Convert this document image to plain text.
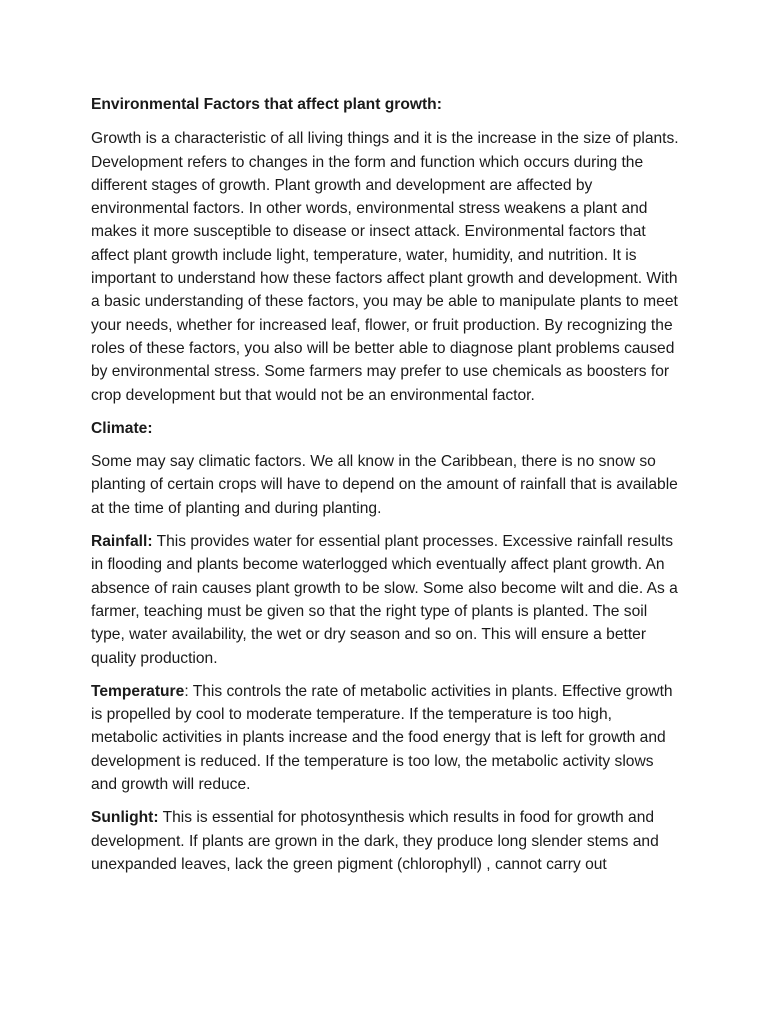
Environmental Factors that affect plant growth:

Growth is a characteristic of all living things and it is the increase in the size of plants. Development refers to changes in the form and function which occurs during the different stages of growth. Plant growth and development are affected by environmental factors. In other words, environmental stress weakens a plant and makes it more susceptible to disease or insect attack. Environmental factors that affect plant growth include light, temperature, water, humidity, and nutrition. It is important to understand how these factors affect plant growth and development. With a basic understanding of these factors, you may be able to manipulate plants to meet your needs, whether for increased leaf, flower, or fruit production. By recognizing the roles of these factors, you also will be better able to diagnose plant problems caused by environmental stress. Some farmers may prefer to use chemicals as boosters for crop development but that would not be an environmental factor.

Climate:

Some may say climatic factors. We all know in the Caribbean, there is no snow so planting of certain crops will have to depend on the amount of rainfall that is available at the time of planting and during planting.

Rainfall: This provides water for essential plant processes. Excessive rainfall results in flooding and plants become waterlogged which eventually affect plant growth. An absence of rain causes plant growth to be slow. Some also become wilt and die. As a farmer, teaching must be given so that the right type of plants is planted. The soil type, water availability, the wet or dry season and so on. This will ensure a better quality production.

Temperature: This controls the rate of metabolic activities in plants. Effective growth is propelled by cool to moderate temperature. If the temperature is too high, metabolic activities in plants increase and the food energy that is left for growth and development is reduced. If the temperature is too low, the metabolic activity slows and growth will reduce.

Sunlight: This is essential for photosynthesis which results in food for growth and development. If plants are grown in the dark, they produce long slender stems and unexpanded leaves, lack the green pigment (chlorophyll) , cannot carry out
